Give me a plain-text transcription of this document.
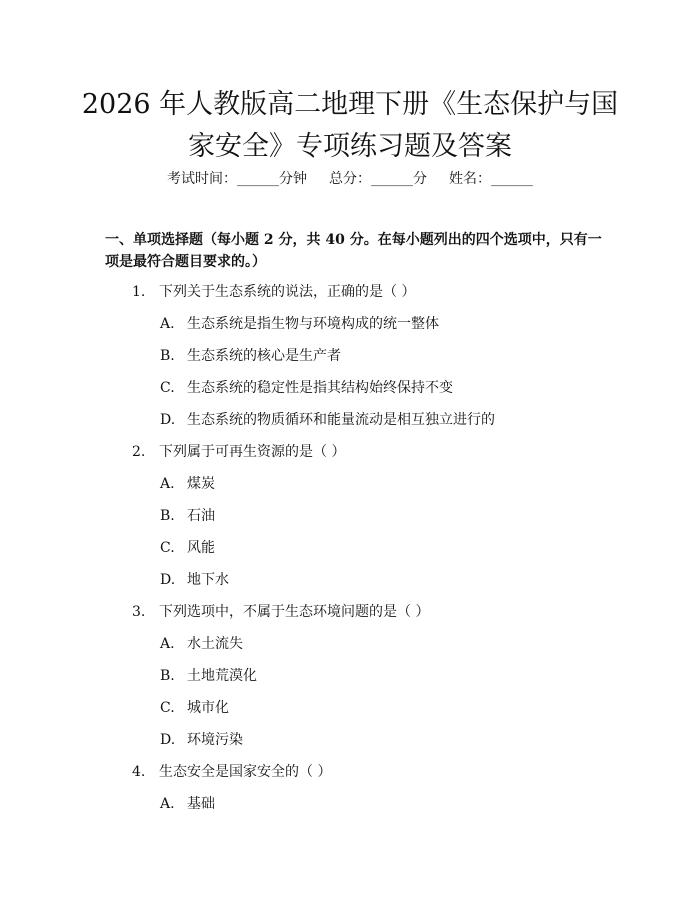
2026 年人教版高二地理下册《生态保护与国
家安全》专项练习题及答案
考试时间：______分钟 总分：______分 姓名：______
一、单项选择题（每小题 2 分，共 40 分。在每小题列出的四个选项中，只有一项是最符合题目要求的。）
1. 下列关于生态系统的说法，正确的是（ ）
A. 生态系统是指生物与环境构成的统一整体
B. 生态系统的核心是生产者
C. 生态系统的稳定性是指其结构始终保持不变
D. 生态系统的物质循环和能量流动是相互独立进行的
2. 下列属于可再生资源的是（ ）
A. 煤炭
B. 石油
C. 风能
D. 地下水
3. 下列选项中，不属于生态环境问题的是（ ）
A. 水土流失
B. 土地荒漠化
C. 城市化
D. 环境污染
4. 生态安全是国家安全的（ ）
A. 基础
